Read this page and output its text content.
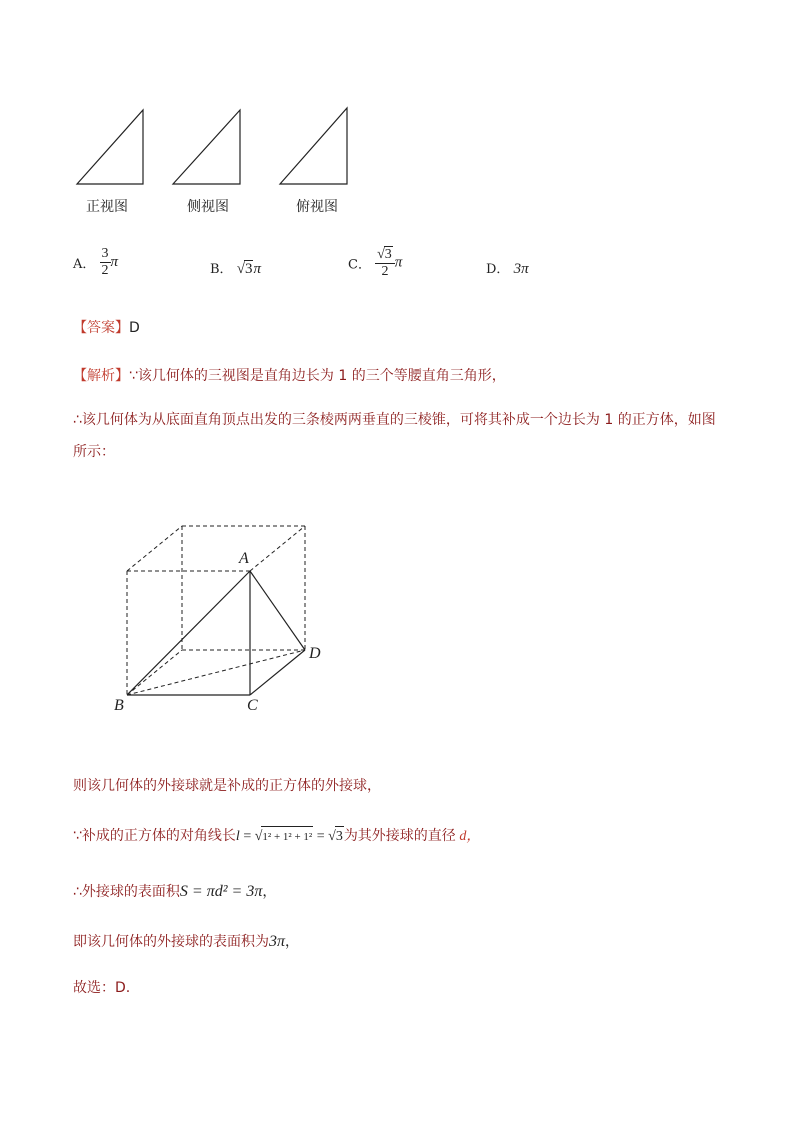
正视图	侧视图	俯视图
A． $\frac{3}{2}$ π	B． √3π	C． $\frac{√3}{2}$ π	D． 3π
【答案】D
【解析】∵该几何体的三视图是直角边长为 1 的三个等腰直角三角形，
∴该几何体为从底面直角顶点出发的三条棱两两垂直的三棱锥，可将其补成一个边长为 1 的正方体，如图
所示：
A
B	C
D
则该几何体的外接球就是补成的正方体的外接球，
∵补成的正方体的对角线长l = √1² + 1² + 1² = √3为其外接球的直径 d，
∴外接球的表面积S = πd² = 3π，
即该几何体的外接球的表面积为3π，
故选：D.
